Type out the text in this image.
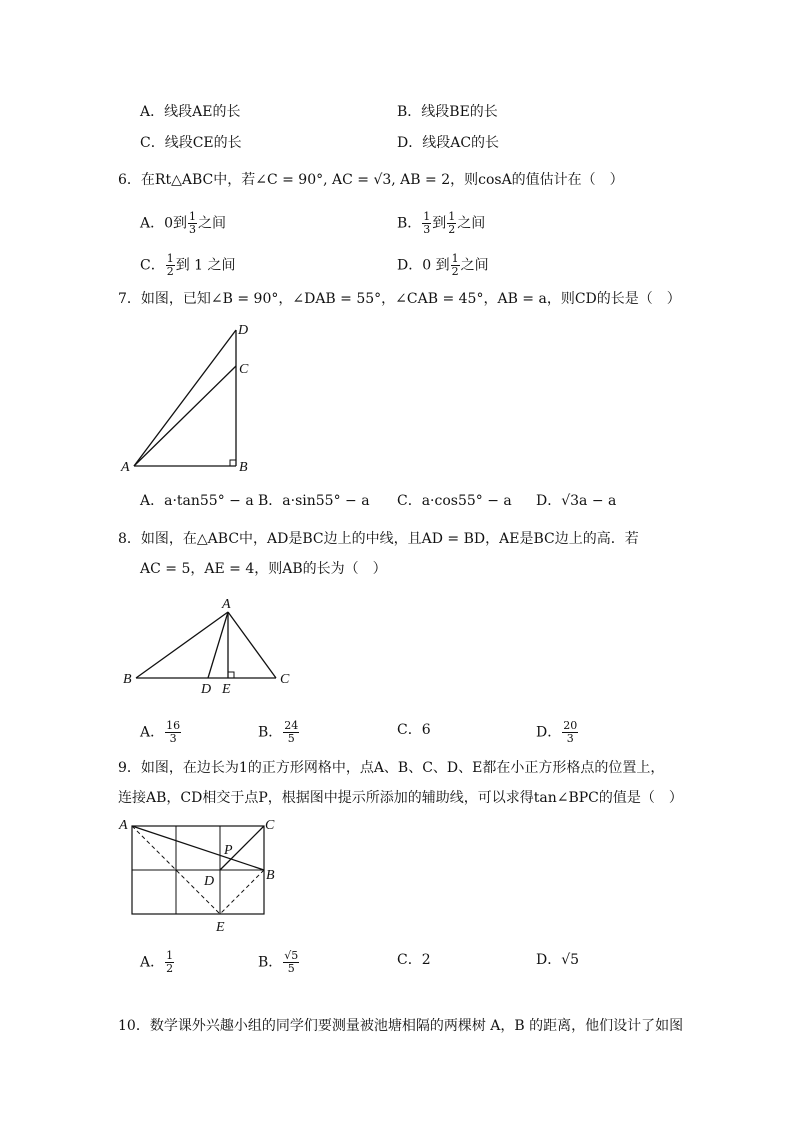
A．线段AE的长	B．线段BE的长
C．线段CE的长	D．线段AC的长
6．在Rt△ABC中，若∠C = 90°, AC = √3, AB = 2，则cosA的值估计在（　）
A．0到 $\frac{1}{3}$ 之间	B． $\frac{1}{3}$ 到 $\frac{1}{2}$ 之间
C． $\frac{1}{2}$ 到 1 之间	D．0 到 $\frac{1}{2}$ 之间
7．如图，已知∠B = 90°，∠DAB = 55°，∠CAB = 45°，AB = a，则CD的长是（　）
A	B
C
D
A．a·tan55° − a B．a·sin55° − a C．a·cos55° − a D．√3a − a
8．如图，在△ABC中，AD是BC边上的中线，且AD = BD，AE是BC边上的高．若
AC = 5，AE = 4，则AB的长为（　）
A
B	C
D E
A． $\frac{16}{3}$	B． $\frac{24}{5}$	C．6	D． $\frac{20}{3}$
9．如图，在边长为1的正方形网格中，点A、B、C、D、E都在小正方形格点的位置上，
连接AB，CD相交于点P，根据图中提示所添加的辅助线，可以求得tan∠BPC的值是（　）
A	C
P
D	B
E
A． $\frac{1}{2}$	B． $\frac{√5}{5}$	C．2	D．√5
10．数学课外兴趣小组的同学们要测量被池塘相隔的两棵树 A，B 的距离，他们设计了如图
